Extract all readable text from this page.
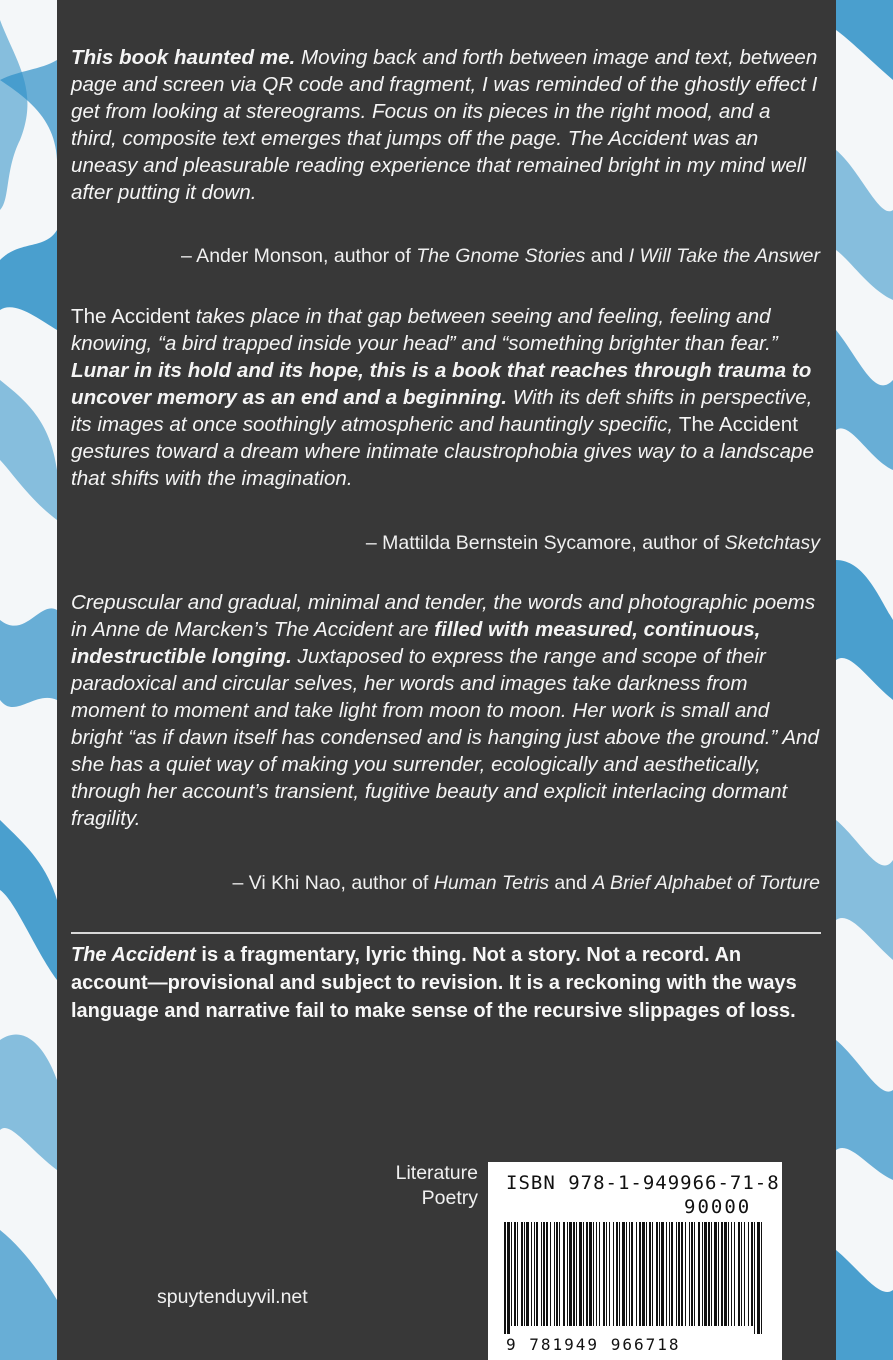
This book haunted me. Moving back and forth between image and text, between page and screen via QR code and fragment, I was reminded of the ghostly effect I get from looking at stereograms. Focus on its pieces in the right mood, and a third, composite text emerges that jumps off the page. The Accident was an uneasy and pleasurable reading experience that remained bright in my mind well after putting it down.

– Ander Monson, author of The Gnome Stories and I Will Take the Answer

The Accident takes place in that gap between seeing and feeling, feeling and knowing, “a bird trapped inside your head” and “something brighter than fear.” Lunar in its hold and its hope, this is a book that reaches through trauma to uncover memory as an end and a beginning. With its deft shifts in perspective, its images at once soothingly atmospheric and hauntingly specific, The Accident gestures toward a dream where intimate claustrophobia gives way to a landscape that shifts with the imagination.

– Mattilda Bernstein Sycamore, author of Sketchtasy

Crepuscular and gradual, minimal and tender, the words and photographic poems in Anne de Marcken’s The Accident are filled with measured, continuous, indestructible longing. Juxtaposed to express the range and scope of their paradoxical and circular selves, her words and images take darkness from moment to moment and take light from moon to moon. Her work is small and bright “as if dawn itself has condensed and is hanging just above the ground.” And she has a quiet way of making you surrender, ecologically and aesthetically, through her account’s transient, fugitive beauty and explicit interlacing dormant fragility.

– Vi Khi Nao, author of Human Tetris and A Brief Alphabet of Torture
The Accident is a fragmentary, lyric thing. Not a story. Not a record. An account—provisional and subject to revision. It is a reckoning with the ways language and narrative fail to make sense of the recursive slippages of loss.
Literature
Poetry
spuytenduyvil.net
ISBN 978-1-949966-71-8
90000
9 781949 966718
